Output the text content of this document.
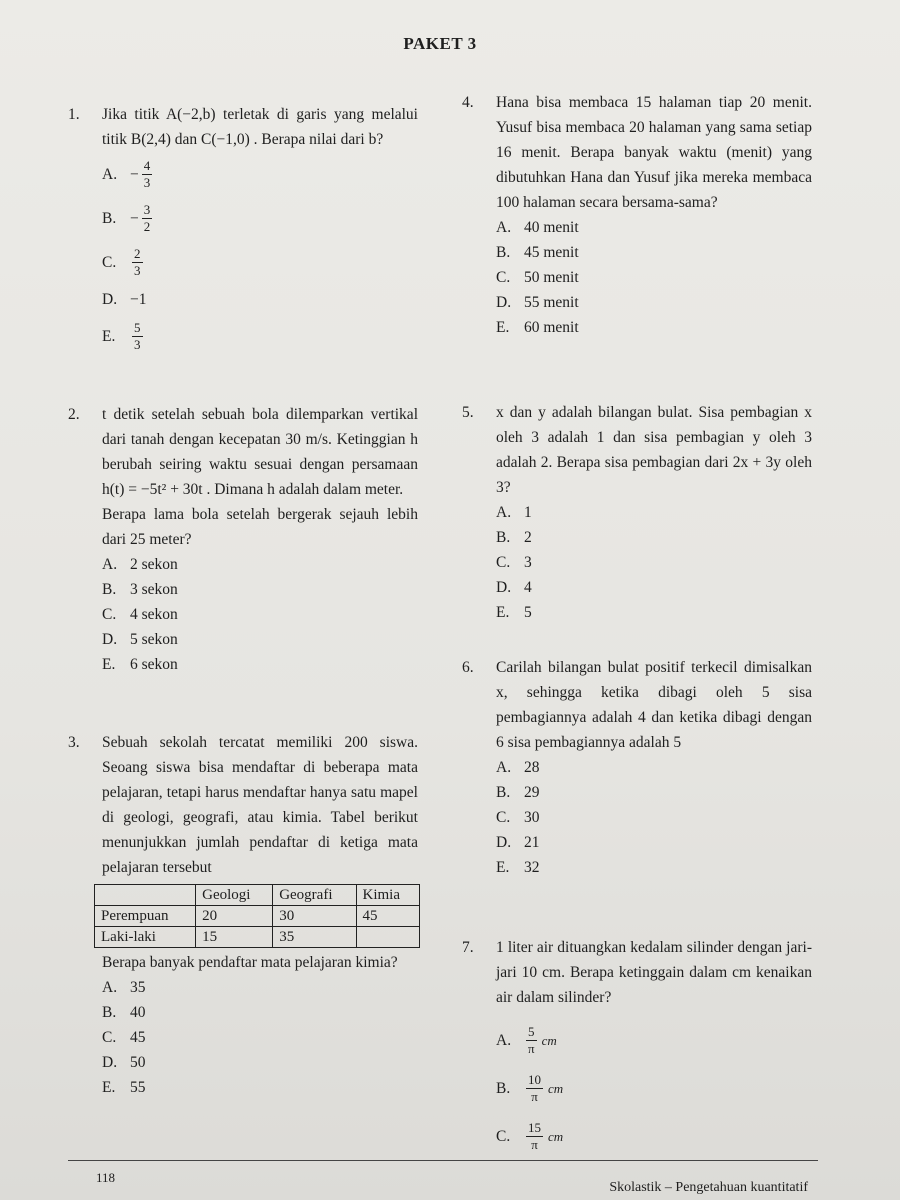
PAKET 3
1.	Jika titik A(−2,b) terletak di garis yang melalui titik B(2,4) dan C(−1,0) . Berapa nilai dari b?
A. − $\frac{4}{3}$
B. − $\frac{3}{2}$
C.	$\frac{2}{3}$
D. −1
E.	$\frac{5}{3}$
2.	t detik setelah sebuah bola dilemparkan vertikal dari tanah dengan kecepatan 30 m/s. Ketinggian h berubah seiring waktu sesuai dengan persamaan h(t) = −5t² + 30t . Dimana h adalah dalam meter.
Berapa lama bola setelah bergerak sejauh lebih dari 25 meter?
A. 2 sekon
B. 3 sekon
C. 4 sekon
D. 5 sekon
E. 6 sekon
3.	Sebuah sekolah tercatat memiliki 200 siswa. Seoang siswa bisa mendaftar di beberapa mata pelajaran, tetapi harus mendaftar hanya satu mapel di geologi, geografi, atau kimia. Tabel berikut menunjukkan jumlah pendaftar di ketiga mata pelajaran tersebut
	Geologi	Geografi	Kimia
Perempuan	20	30	45
Laki-laki	15	35	
Berapa banyak pendaftar mata pelajaran kimia?
A. 35
B. 40
C. 45
D. 50
E. 55
4.	Hana bisa membaca 15 halaman tiap 20 menit. Yusuf bisa membaca 20 halaman yang sama setiap 16 menit. Berapa banyak waktu (menit) yang dibutuhkan Hana dan Yusuf jika mereka membaca 100 halaman secara bersama-sama?
A. 40 menit
B. 45 menit
C. 50 menit
D. 55 menit
E. 60 menit
5.	x dan y adalah bilangan bulat. Sisa pembagian x oleh 3 adalah 1 dan sisa pembagian y oleh 3 adalah 2. Berapa sisa pembagian dari 2x + 3y oleh 3?
A. 1
B. 2
C. 3
D. 4
E. 5
6.	Carilah bilangan bulat positif terkecil dimisalkan x, sehingga ketika dibagi oleh 5 sisa pembagiannya adalah 4 dan ketika dibagi dengan 6 sisa pembagiannya adalah 5
A. 28
B. 29
C. 30
D. 21
E. 32
7.	1 liter air dituangkan kedalam silinder dengan jari-jari 10 cm. Berapa ketinggain dalam cm kenaikan air dalam silinder?
A.	$\frac{5}{\pi}$ cm
B.	$\frac{10}{\pi}$ cm
C.	$\frac{15}{\pi}$ cm
118
Skolastik – Pengetahuan kuantitatif
